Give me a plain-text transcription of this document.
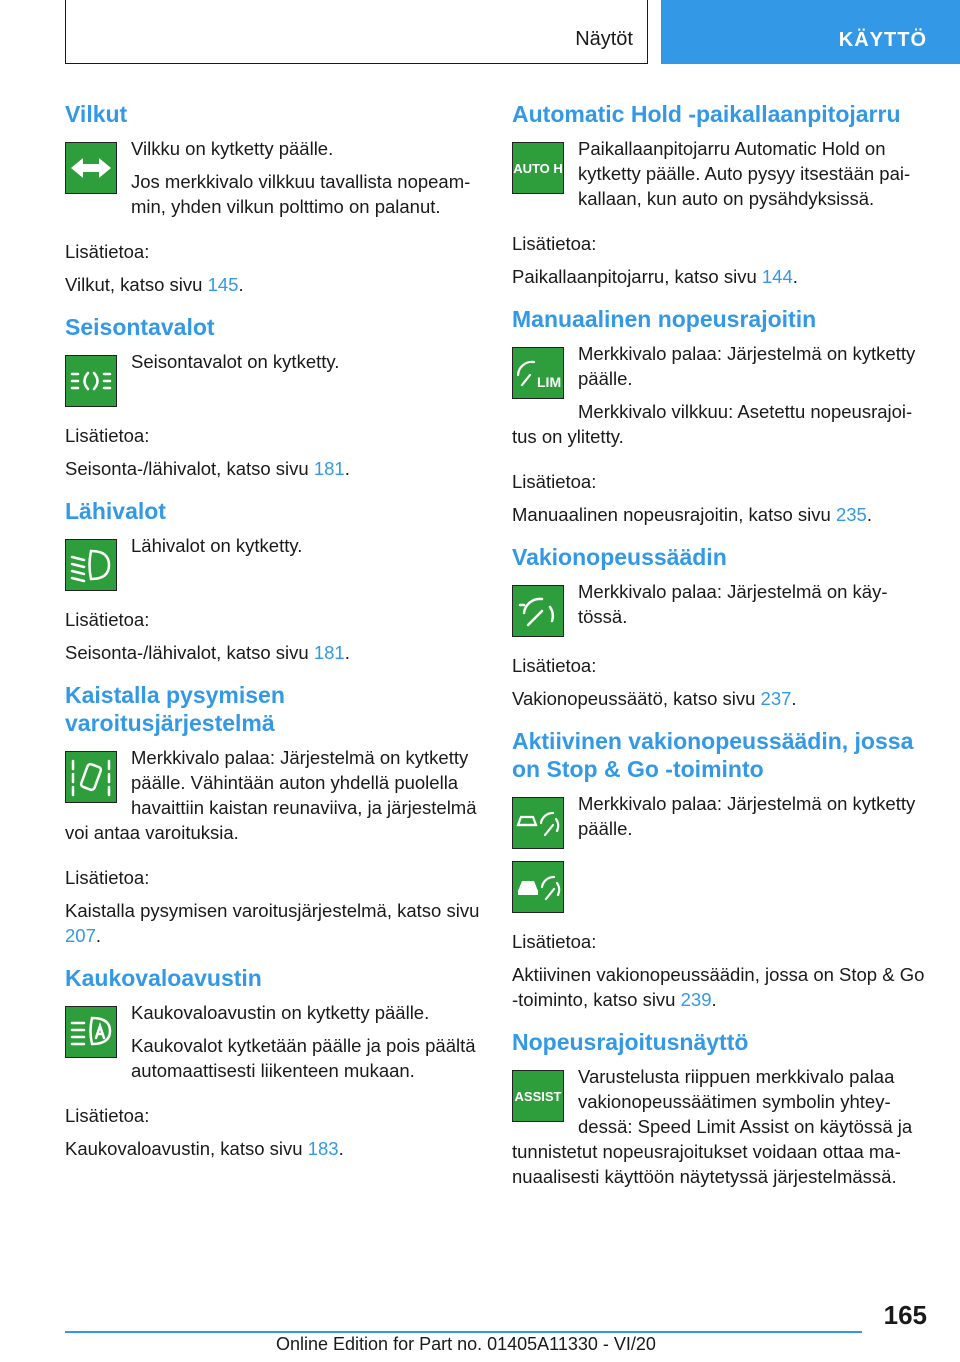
Näytöt	KÄYTTÖ
Vilkut

Vilkku on kytketty päälle.

Jos merkkivalo vilkkuu tavallista nopeammin, yhden vilkun polttimo on palanut.

Lisätietoa:

Vilkut, katso sivu 145.

Seisontavalot

Seisontavalot on kytketty.

Lisätietoa:

Seisonta-/lähivalot, katso sivu 181.

Lähivalot

Lähivalot on kytketty.

Lisätietoa:

Seisonta-/lähivalot, katso sivu 181.

Kaistalla pysymisen varoitusjärjestelmä

Merkkivalo palaa: Järjestelmä on kytketty päälle. Vähintään auton yhdellä puolella havaittiin kaistan reunaviiva, ja järjestelmä voi antaa varoituksia.

Lisätietoa:

Kaistalla pysymisen varoitusjärjestelmä, katso sivu 207.

Kaukovaloavustin

Kaukovaloavustin on kytketty päälle.

Kaukovalot kytketään päälle ja pois päältä automaattisesti liikenteen mukaan.

Lisätietoa:

Kaukovaloavustin, katso sivu 183.

Automatic Hold -paikallaanpitojarru
AUTO H

Paikallaanpitojarru Automatic Hold on kytketty päälle. Auto pysyy itsestään paikallaan, kun auto on pysähdyksissä.

Lisätietoa:

Paikallaanpitojarru, katso sivu 144.

Manuaalinen nopeusrajoitin
LIM

Merkkivalo palaa: Järjestelmä on kytketty päälle.

Merkkivalo vilkkuu: Asetettu nopeusrajoitus on ylitetty.

Lisätietoa:

Manuaalinen nopeusrajoitin, katso sivu 235.

Vakionopeussäädin

Merkkivalo palaa: Järjestelmä on käytössä.

Lisätietoa:

Vakionopeussäätö, katso sivu 237.

Aktiivinen vakionopeussäädin, jossa on Stop & Go -toiminto

Merkkivalo palaa: Järjestelmä on kytketty päälle.

Lisätietoa:

Aktiivinen vakionopeussäädin, jossa on Stop & Go -toiminto, katso sivu 239.

Nopeusrajoitusnäyttö
ASSIST

Varustelusta riippuen merkkivalo palaa vakionopeussäätimen symbolin yhteydessä: Speed Limit Assist on käytössä ja tunnistetut nopeusrajoitukset voidaan ottaa manuaalisesti käyttöön näytetyssä järjestelmässä.

165
Online Edition for Part no. 01405A11330 - VI/20
